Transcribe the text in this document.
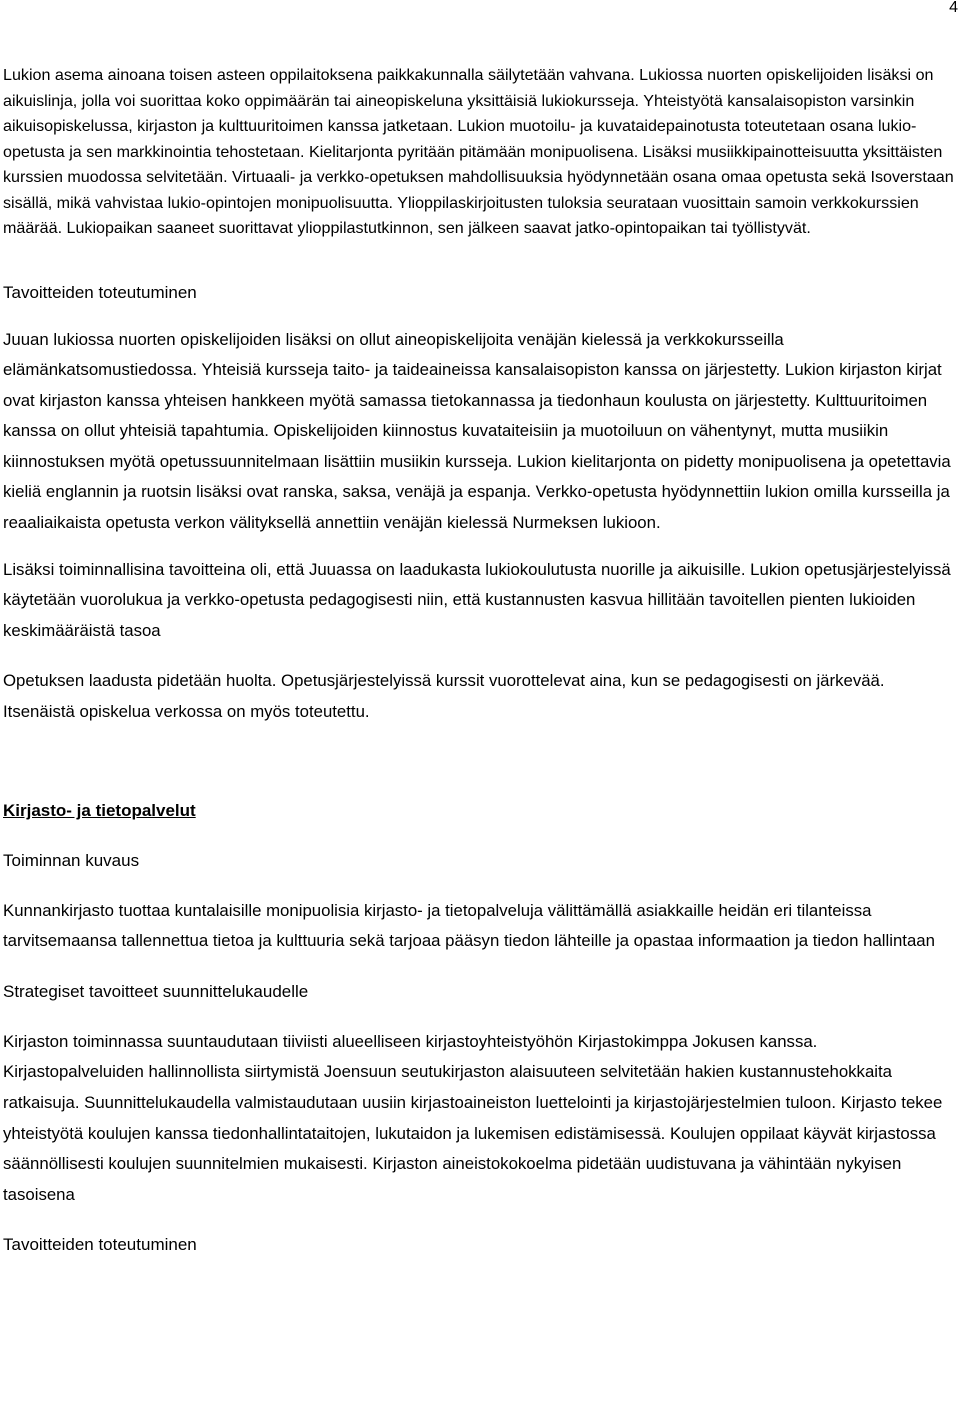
4

Lukion asema ainoana toisen asteen oppilaitoksena paikkakunnalla säilytetään vahvana. Lukiossa nuorten opiskelijoiden lisäksi on aikuislinja, jolla voi suorittaa koko oppimäärän tai aineopiskeluna yksittäisiä lukiokursseja. Yhteistyötä kansalaisopiston varsinkin aikuisopiskelussa, kirjaston ja kulttuuritoimen kanssa jatketaan. Lukion muotoilu- ja kuvataidepainotusta toteutetaan osana lukio-opetusta ja sen markkinointia tehostetaan. Kielitarjonta pyritään pitämään monipuolisena. Lisäksi musiikkipainotteisuutta yksittäisten kurssien muodossa selvitetään. Virtuaali- ja verkko-opetuksen mahdollisuuksia hyödynnetään osana omaa opetusta sekä Isoverstaan sisällä, mikä vahvistaa lukio-opintojen monipuolisuutta. Ylioppilaskirjoitusten tuloksia seurataan vuosittain samoin verkkokurssien määrää. Lukiopaikan saaneet suorittavat ylioppilastutkinnon, sen jälkeen saavat jatko-opintopaikan tai työllistyvät.

Tavoitteiden toteutuminen

Juuan lukiossa nuorten opiskelijoiden lisäksi on ollut aineopiskelijoita venäjän kielessä ja verkkokursseilla elämänkatsomustiedossa. Yhteisiä kursseja taito- ja taideaineissa kansalaisopiston kanssa on järjestetty. Lukion kirjaston kirjat ovat kirjaston kanssa yhteisen hankkeen myötä samassa tietokannassa ja tiedonhaun koulusta on järjestetty. Kulttuuritoimen kanssa on ollut yhteisiä tapahtumia. Opiskelijoiden kiinnostus kuvataiteisiin ja muotoiluun on vähentynyt, mutta musiikin kiinnostuksen myötä opetussuunnitelmaan lisättiin musiikin kursseja. Lukion kielitarjonta on pidetty monipuolisena ja opetettavia kieliä englannin ja ruotsin lisäksi ovat ranska, saksa, venäjä ja espanja. Verkko-opetusta hyödynnettiin lukion omilla kursseilla ja reaaliaikaista opetusta verkon välityksellä annettiin venäjän kielessä Nurmeksen lukioon.

Lisäksi toiminnallisina tavoitteina oli, että Juuassa on laadukasta lukiokoulutusta nuorille ja aikuisille. Lukion opetusjärjestelyissä käytetään vuorolukua ja verkko-opetusta pedagogisesti niin, että kustannusten kasvua hillitään tavoitellen pienten lukioiden keskimääräistä tasoa

Opetuksen laadusta pidetään huolta. Opetusjärjestelyissä kurssit vuorottelevat aina, kun se pedagogisesti on järkevää. Itsenäistä opiskelua verkossa on myös toteutettu.

Kirjasto- ja tietopalvelut

Toiminnan kuvaus

Kunnankirjasto tuottaa kuntalaisille monipuolisia kirjasto- ja tietopalveluja välittämällä asiakkaille heidän eri tilanteissa tarvitsemaansa tallennettua tietoa ja kulttuuria sekä tarjoaa pääsyn tiedon lähteille ja opastaa informaation ja tiedon hallintaan

Strategiset tavoitteet suunnittelukaudelle

Kirjaston toiminnassa suuntaudutaan tiiviisti alueelliseen kirjastoyhteistyöhön Kirjastokimppa Jokusen kanssa. Kirjastopalveluiden hallinnollista siirtymistä Joensuun seutukirjaston alaisuuteen selvitetään hakien kustannustehokkaita ratkaisuja. Suunnittelukaudella valmistaudutaan uusiin kirjastoaineiston luettelointi ja kirjastojärjestelmien tuloon. Kirjasto tekee yhteistyötä koulujen kanssa tiedonhallintataitojen, lukutaidon ja lukemisen edistämisessä. Koulujen oppilaat käyvät kirjastossa säännöllisesti koulujen suunnitelmien mukaisesti. Kirjaston aineistokokoelma pidetään uudistuvana ja vähintään nykyisen tasoisena

Tavoitteiden toteutuminen
